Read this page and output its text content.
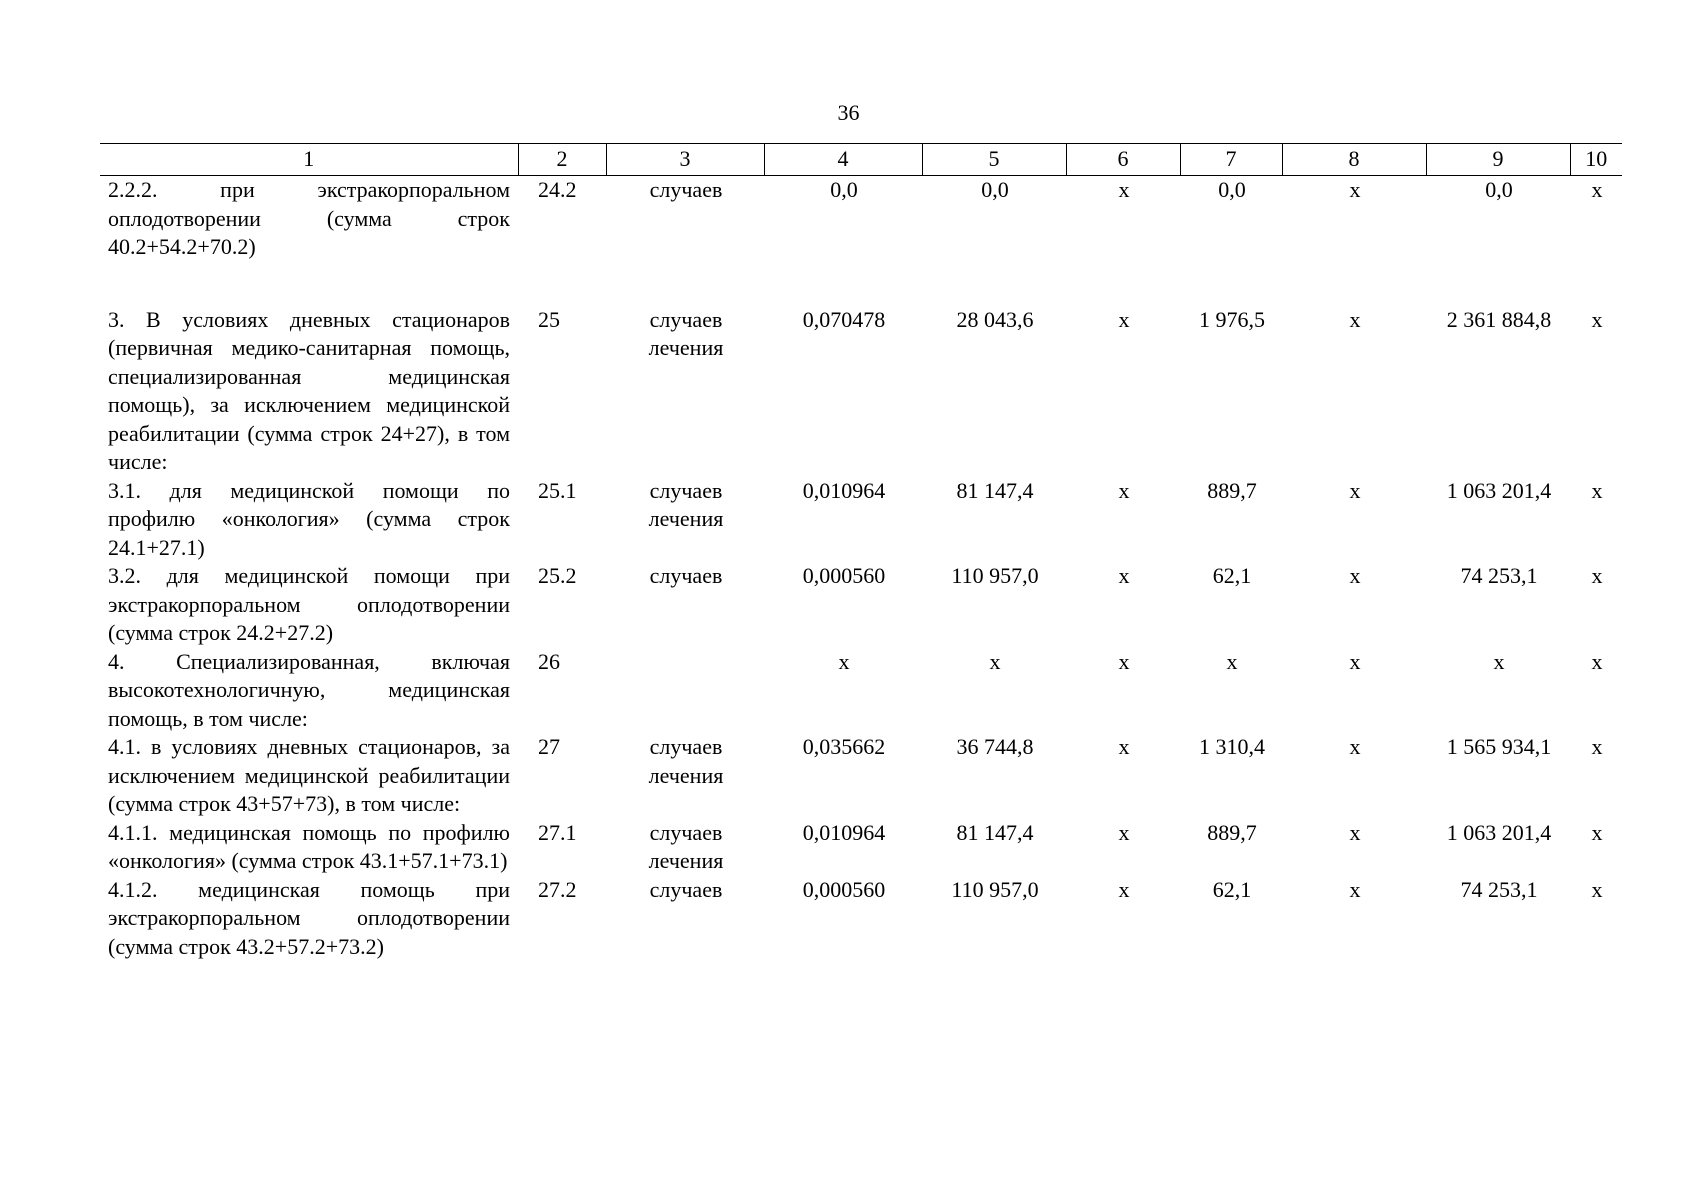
36
1	2	3	4	5	6	7	8	9	10
2.2.2. при экстракорпоральном оплодотворении (сумма строк 40.2+54.2+70.2)	24.2	случаев	0,0	0,0	х	0,0	х	0,0	х
3. В условиях дневных стационаров (первичная медико-санитарная помощь, специализированная медицинская помощь), за исключением медицинской реабилитации (сумма строк 24+27), в том числе:	25	случаев лечения	0,070478	28 043,6	х	1 976,5	х	2 361 884,8	х
3.1. для медицинской помощи по профилю «онкология» (сумма строк 24.1+27.1)	25.1	случаев лечения	0,010964	81 147,4	х	889,7	х	1 063 201,4	х
3.2. для медицинской помощи при экстракорпоральном оплодотворении (сумма строк 24.2+27.2)	25.2	случаев	0,000560	110 957,0	х	62,1	х	74 253,1	х
4. Специализированная, включая высокотехнологичную, медицинская помощь, в том числе:	26		х	х	х	х	х	х	х
4.1. в условиях дневных стационаров, за исключением медицинской реабилитации (сумма строк 43+57+73), в том числе:	27	случаев лечения	0,035662	36 744,8	х	1 310,4	х	1 565 934,1	х
4.1.1. медицинская помощь по профилю «онкология» (сумма строк 43.1+57.1+73.1)	27.1	случаев лечения	0,010964	81 147,4	х	889,7	х	1 063 201,4	х
4.1.2. медицинская помощь при экстракорпоральном оплодотворении (сумма строк 43.2+57.2+73.2)	27.2	случаев	0,000560	110 957,0	х	62,1	х	74 253,1	х
